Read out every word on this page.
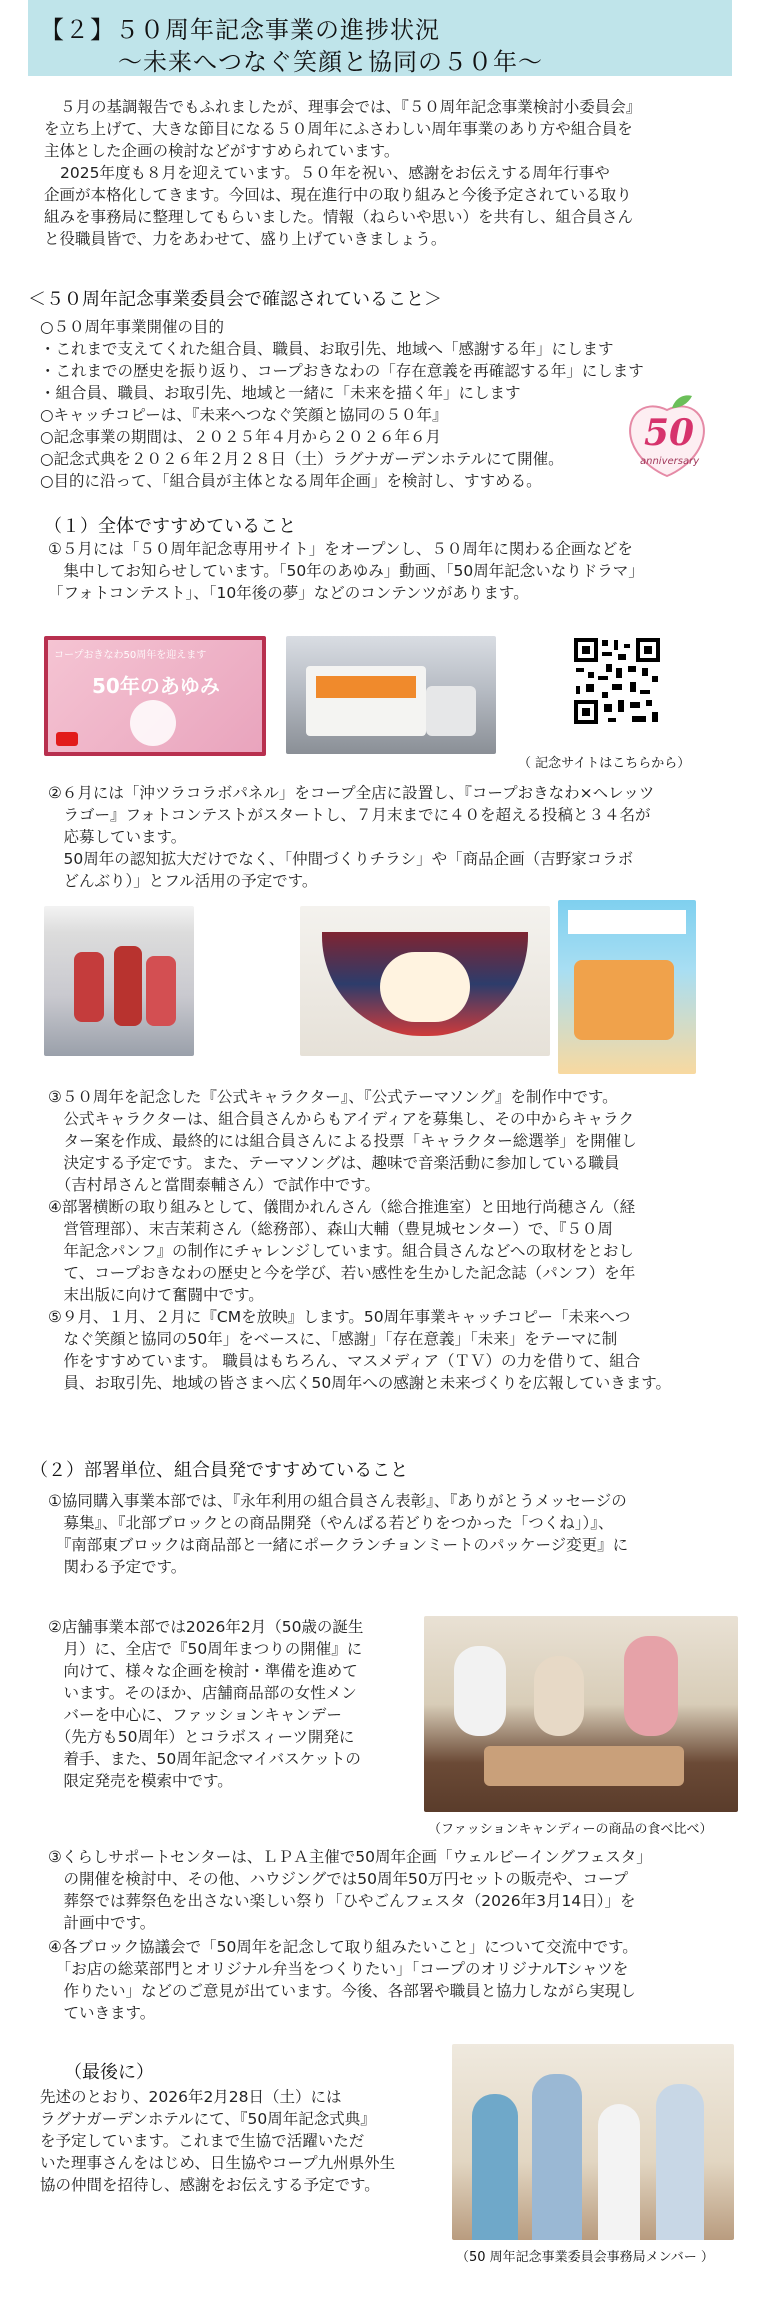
【２】５０周年記念事業の進捗状況
～未来へつなぐ笑顔と協同の５０年～

５月の基調報告でもふれましたが、理事会では、『５０周年記念事業検討小委員会』

を立ち上げて、大きな節目になる５０周年にふさわしい周年事業のあり方や組合員を

主体とした企画の検討などがすすめられています。

2025年度も８月を迎えています。５０年を祝い、感謝をお伝えする周年行事や

企画が本格化してきます。今回は、現在進行中の取り組みと今後予定されている取り

組みを事務局に整理してもらいました。情報（ねらいや思い）を共有し、組合員さん

と役職員皆で、力をあわせて、盛り上げていきましょう。

＜５０周年記念事業委員会で確認されていること＞
○５０周年事業開催の目的
・これまで支えてくれた組合員、職員、お取引先、地域へ「感謝する年」にします
・これまでの歴史を振り返り、コープおきなわの「存在意義を再確認する年」にします
・組合員、職員、お取引先、地域と一緒に「未来を描く年」にします
○キャッチコピーは、『未来へつなぐ笑顔と協同の５０年』
○記念事業の期間は、２０２５年４月から２０２６年６月
○記念式典を２０２６年２月２８日（土）ラグナガーデンホテルにて開催。
○目的に沿って、「組合員が主体となる周年企画」を検討し、すすめる。
50
anniversary
（１）全体ですすめていること

①５月には「５０周年記念専用サイト」をオープンし、５０周年に関わる企画などを

　集中してお知らせしています。「50年のあゆみ」動画、「50周年記念いなりドラマ」

「フォトコンテスト」、「10年後の夢」などのコンテンツがあります。

コープおきなわ50周年を迎えます
50年のあゆみ
（ 記念サイトはこちらから）

②６月には「沖ツラコラボパネル」をコープ全店に設置し、『コープおきなわ×ヘレッツ

　ラゴー』フォトコンテストがスタートし、７月末までに４０を超える投稿と３４名が

　応募しています。

　50周年の認知拡大だけでなく、「仲間づくりチラシ」や「商品企画（吉野家コラボ

　どんぶり）」とフル活用の予定です。

③５０周年を記念した『公式キャラクター』、『公式テーマソング』を制作中です。

　公式キャラクターは、組合員さんからもアイディアを募集し、その中からキャラク

　ター案を作成、最終的には組合員さんによる投票「キャラクター総選挙」を開催し

　決定する予定です。また、テーマソングは、趣味で音楽活動に参加している職員

　（吉村昂さんと當間泰輔さん）で試作中です。

④部署横断の取り組みとして、儀間かれんさん（総合推進室）と田地行尚穂さん（経

　営管理部）、末吉茉莉さん（総務部）、森山大輔（豊見城センター）で、『５０周

　年記念パンフ』の制作にチャレンジしています。組合員さんなどへの取材をとおし

　て、コープおきなわの歴史と今を学び、若い感性を生かした記念誌（パンフ）を年

　末出版に向けて奮闘中です。

⑤９月、１月、２月に『CMを放映』します。50周年事業キャッチコピー「未来へつ

　なぐ笑顔と協同の50年」をベースに、「感謝」「存在意義」「未来」をテーマに制

　作をすすめています。 職員はもちろん、マスメディア（ＴＶ）の力を借りて、組合

　員、お取引先、地域の皆さまへ広く50周年への感謝と未来づくりを広報していきます。

（２）部署単位、組合員発ですすめていること

①協同購入事業本部では、『永年利用の組合員さん表彰』、『ありがとうメッセージの

　募集』、『北部ブロックとの商品開発（やんばる若どりをつかった「つくね」）』、

　『南部東ブロックは商品部と一緒にポークランチョンミートのパッケージ変更』に

　関わる予定です。

②店舗事業本部では2026年2月（50歳の誕生

　月）に、全店で『50周年まつりの開催』に

　向けて、様々な企画を検討・準備を進めて

　います。そのほか、店舗商品部の女性メン

　バーを中心に、ファッションキャンデー

　（先方も50周年）とコラボスィーツ開発に

　着手、また、50周年記念マイバスケットの

　限定発売を模索中です。

（ファッションキャンディーの商品の食べ比べ）

③くらしサポートセンターは、ＬＰＡ主催で50周年企画「ウェルビーイングフェスタ」

　の開催を検討中、その他、ハウジングでは50周年50万円セットの販売や、コープ

　葬祭では葬祭色を出さない楽しい祭り「ひやごんフェスタ（2026年3月14日）」を

　計画中です。

④各ブロック協議会で「50周年を記念して取り組みたいこと」について交流中です。

　「お店の総菜部門とオリジナル弁当をつくりたい」「コープのオリジナルTシャツを

　作りたい」などのご意見が出ています。今後、各部署や職員と協力しながら実現し

　ていきます。

（最後に）

先述のとおり、2026年2月28日（土）には

ラグナガーデンホテルにて、『50周年記念式典』

を予定しています。これまで生協で活躍いただ

いた理事さんをはじめ、日生協やコープ九州県外生

協の仲間を招待し、感謝をお伝えする予定です。

（50 周年記念事業委員会事務局メンバー ）
